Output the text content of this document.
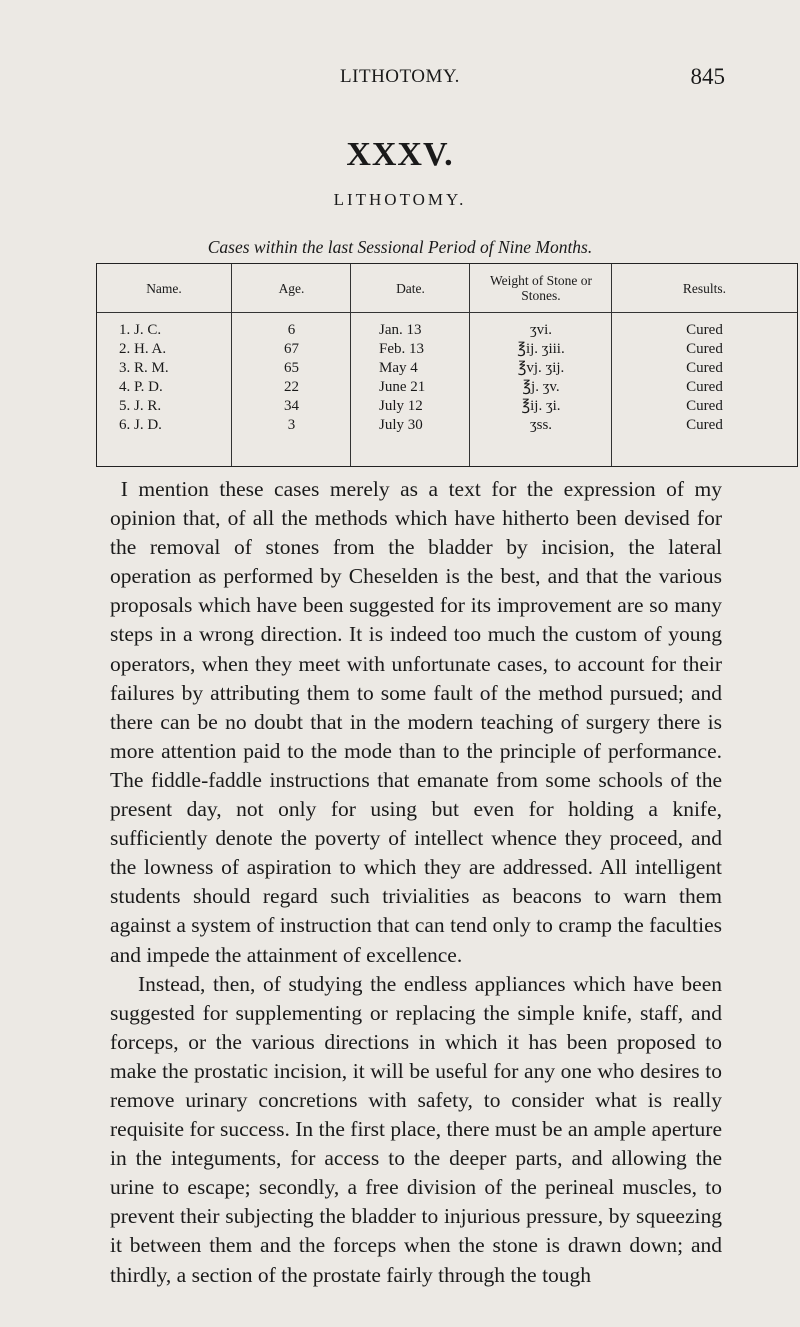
LITHOTOMY.	845
XXXV.
LITHOTOMY.
Cases within the last Sessional Period of Nine Months.
Name.
1. J. C.
2. H. A.
3. R. M.
4. P. D.
5. J. R.
6. J. D.
Age.
6
67
65
22
34
3
Date.
Jan. 13
Feb. 13
May 4
June 21
July 12
July 30
Weight of Stone or Stones.
ʒvi.
℥ij. ʒiii.
℥vj. ʒij.
℥j. ʒv.
℥ij. ʒi.
ʒss.
Results.
Cured
Cured
Cured
Cured
Cured
Cured

I mention these cases merely as a text for the expression of my opinion that, of all the methods which have hitherto been devised for the removal of stones from the bladder by incision, the lateral operation as performed by Cheselden is the best, and that the various proposals which have been suggested for its improvement are so many steps in a wrong direction. It is indeed too much the custom of young operators, when they meet with unfortunate cases, to account for their failures by attributing them to some fault of the method pursued; and there can be no doubt that in the modern teaching of surgery there is more attention paid to the mode than to the principle of performance. The fiddle-faddle instructions that emanate from some schools of the present day, not only for using but even for holding a knife, sufficiently denote the poverty of intellect whence they proceed, and the lowness of aspiration to which they are addressed. All intelligent students should regard such trivialities as beacons to warn them against a system of instruction that can tend only to cramp the faculties and impede the attainment of excellence.

Instead, then, of studying the endless appliances which have been suggested for supplementing or replacing the simple knife, staff, and forceps, or the various directions in which it has been proposed to make the prostatic incision, it will be useful for any one who desires to remove urinary concretions with safety, to consider what is really requisite for success. In the first place, there must be an ample aperture in the integuments, for access to the deeper parts, and allowing the urine to escape; secondly, a free division of the perineal muscles, to prevent their subjecting the bladder to injurious pressure, by squeezing it between them and the forceps when the stone is drawn down; and thirdly, a section of the prostate fairly through the tough
